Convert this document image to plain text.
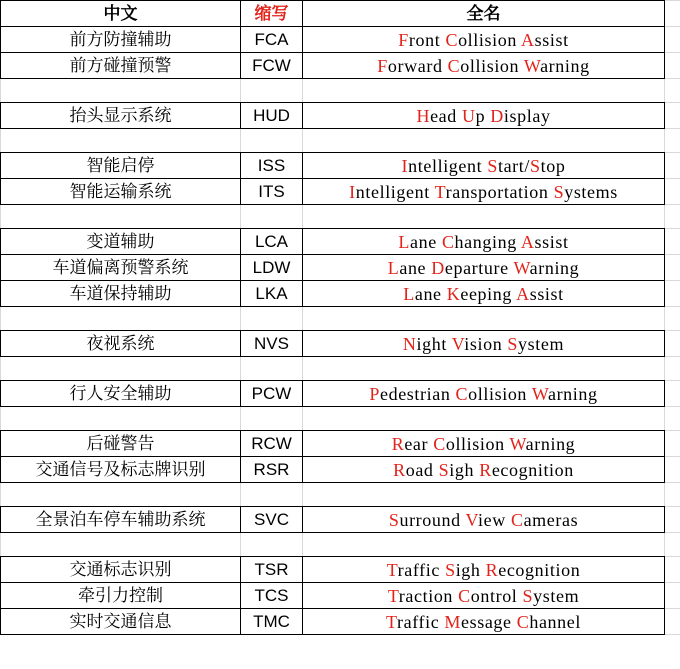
中文	缩写	全名	
前方防撞辅助	FCA	Front Collision Assist	
前方碰撞预警	FCW	Forward Collision Warning	

抬头显示系统	HUD	Head Up Display	

智能启停	ISS	Intelligent Start/Stop	
智能运输系统	ITS	Intelligent Transportation Systems	

变道辅助	LCA	Lane Changing Assist	
车道偏离预警系统	LDW	Lane Departure Warning	
车道保持辅助	LKA	Lane Keeping Assist	

夜视系统	NVS	Night Vision System	

行人安全辅助	PCW	Pedestrian Collision Warning	

后碰警告	RCW	Rear Collision Warning	
交通信号及标志牌识别	RSR	Road Sigh Recognition	

全景泊车停车辅助系统	SVC	Surround View Cameras	

交通标志识别	TSR	Traffic Sigh Recognition	
牵引力控制	TCS	Traction Control System	
实时交通信息	TMC	Traffic Message Channel	
